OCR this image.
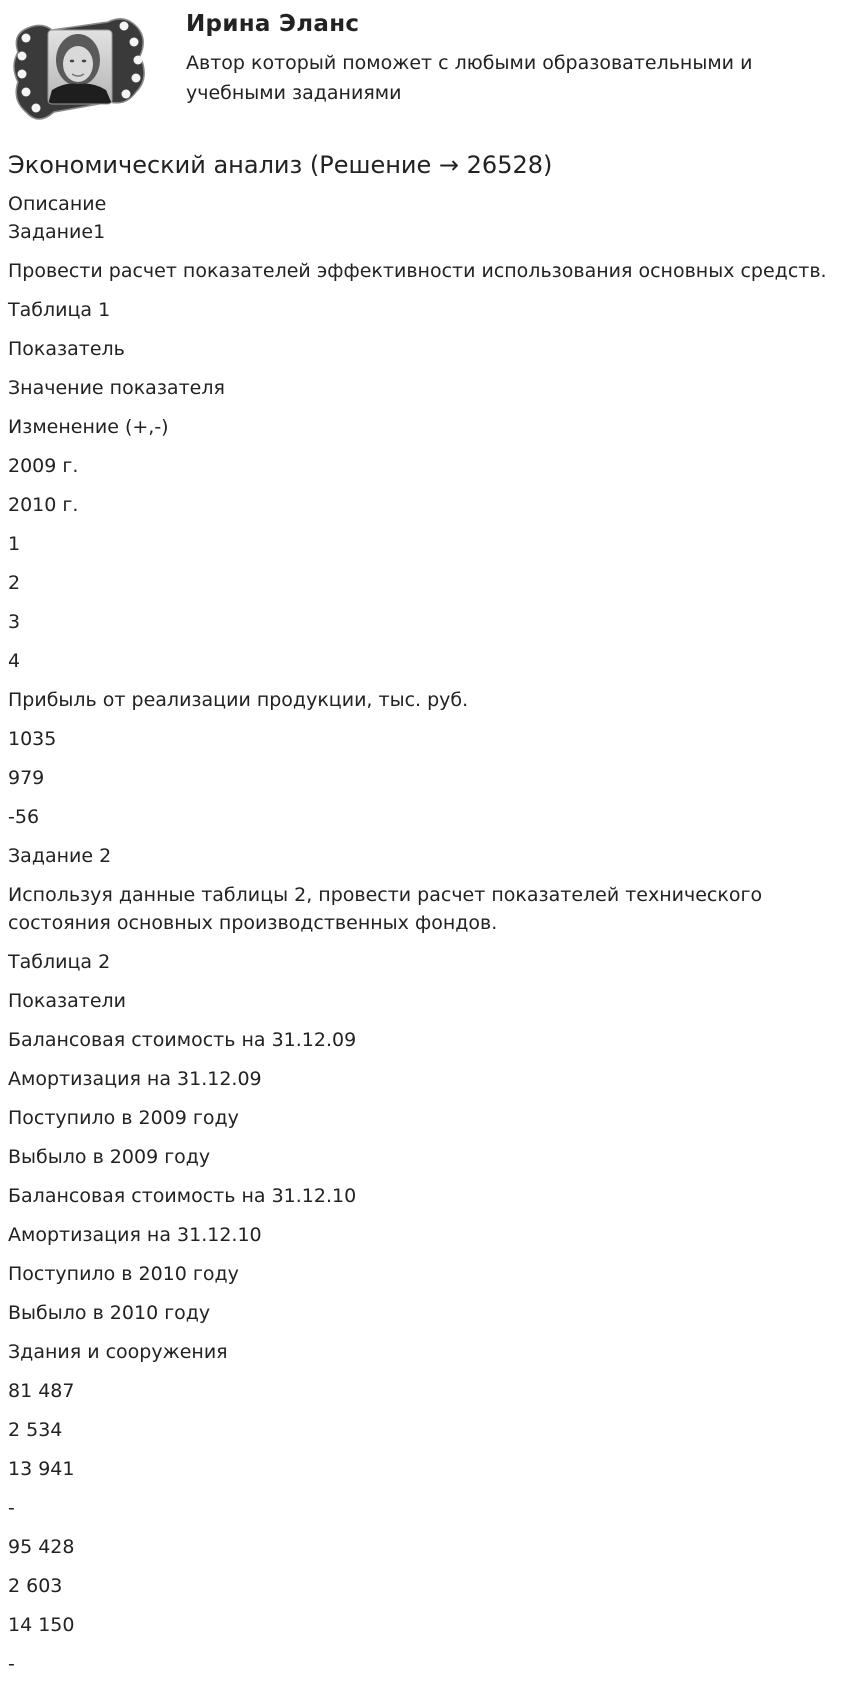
Ирина Эланс

Автор который поможет с любыми образовательными и учебными заданиями

Экономический анализ (Решение → 26528)

Описание

Задание1

Провести расчет показателей эффективности использования основных средств.

Таблица 1

Показатель

Значение показателя

Изменение (+,-)

2009 г.

2010 г.

1

2

3

4

Прибыль от реализации продукции, тыс. руб.

1035

979

-56

Задание 2

Используя данные таблицы 2, провести расчет показателей технического состояния основных производственных фондов.

Таблица 2

Показатели

Балансовая стоимость на 31.12.09

Амортизация на 31.12.09

Поступило в 2009 году

Выбыло в 2009 году

Балансовая стоимость на 31.12.10

Амортизация на 31.12.10

Поступило в 2010 году

Выбыло в 2010 году

Здания и сооружения

81 487

2 534

13 941

-

95 428

2 603

14 150

-
